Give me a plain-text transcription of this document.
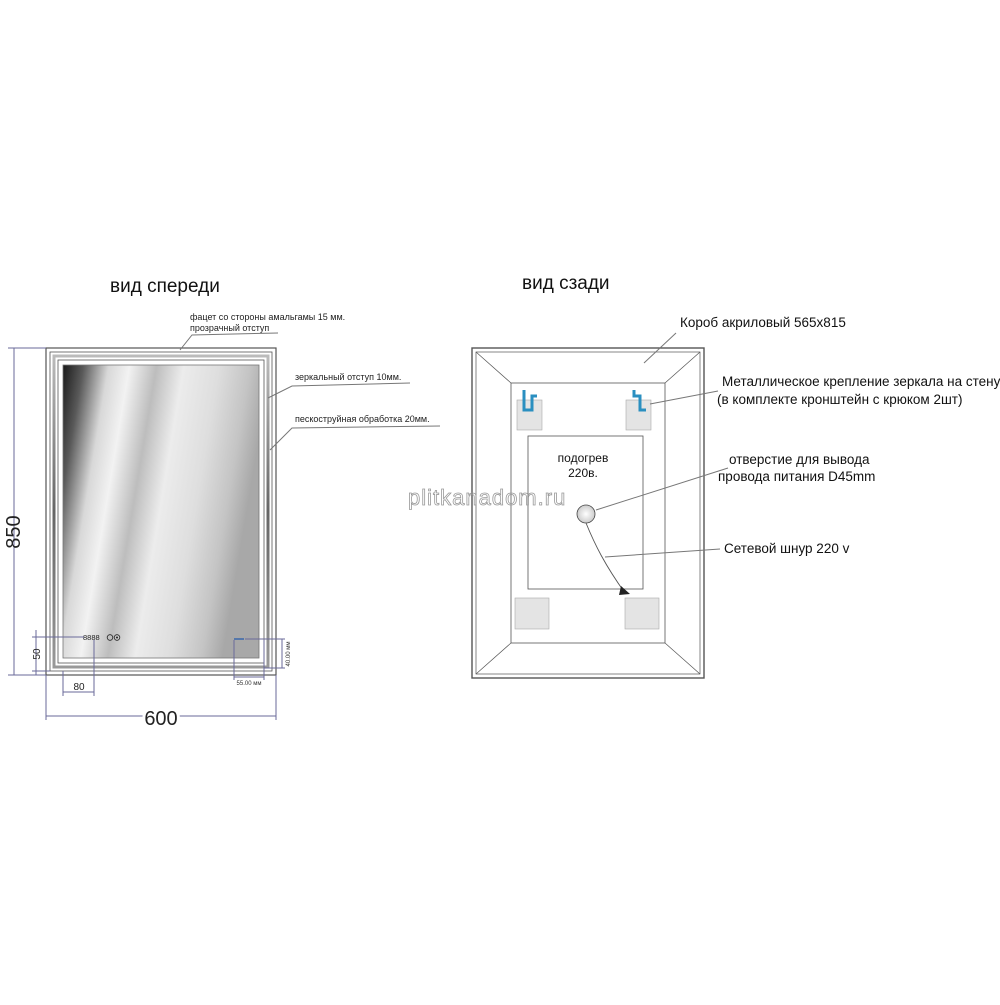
вид спереди
8888
850
600
50
80	55.00 мм
40.00 мм
фацет со стороны амальгамы 15 мм.
прозрачный отступ
зеркальный отступ 10мм.
пескоструйная обработка 20мм.
вид сзади
подогрев
220в.
Короб акриловый 565х815
Металлическое крепление зеркала на стену
(в комплекте кронштейн с крюком 2шт)
отверстие для вывода
провода питания D45mm
Сетевой шнур 220 v
plitkanadom.ru
